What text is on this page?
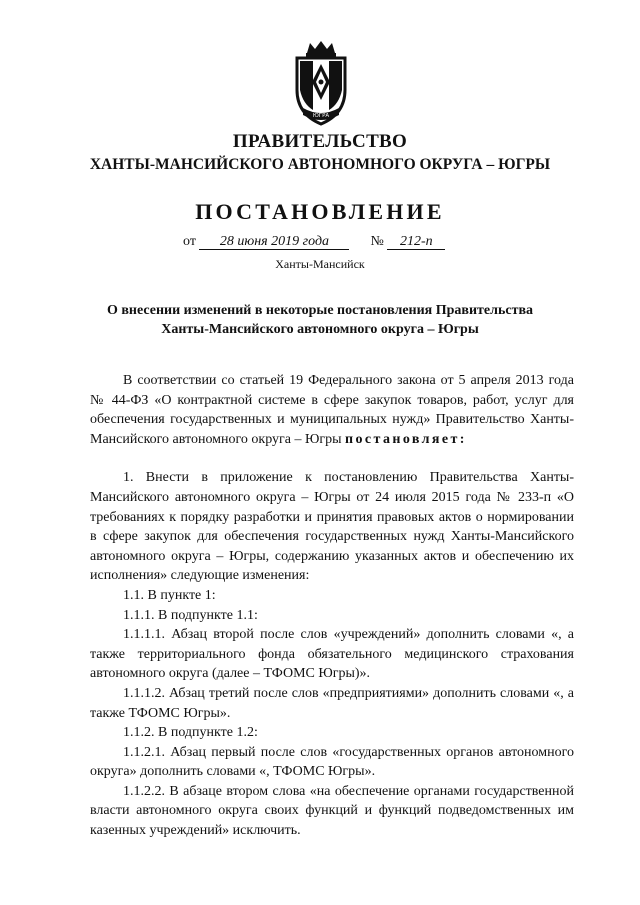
ЮГРА
ПРАВИТЕЛЬСТВО
ХАНТЫ-МАНСИЙСКОГО АВТОНОМНОГО ОКРУГА – ЮГРЫ
ПОСТАНОВЛЕНИЕ
от 28 июня 2019 года	№ 212-п
Ханты-Мансийск
О внесении изменений в некоторые постановления Правительства
Ханты-Мансийского автономного округа – Югры

В соответствии со статьей 19 Федерального закона от 5 апреля 2013 года № 44-ФЗ «О контрактной системе в сфере закупок товаров, работ, услуг для обеспечения государственных и муниципальных нужд» Правительство Ханты-Мансийского автономного округа – Югры постановляет:

1. Внести в приложение к постановлению Правительства Ханты-Мансийского автономного округа – Югры от 24 июля 2015 года № 233-п «О требованиях к порядку разработки и принятия правовых актов о нормировании в сфере закупок для обеспечения государственных нужд Ханты-Мансийского автономного округа – Югры, содержанию указанных актов и обеспечению их исполнения» следующие изменения:

1.1. В пункте 1:

1.1.1. В подпункте 1.1:

1.1.1.1. Абзац второй после слов «учреждений» дополнить словами «, а также территориального фонда обязательного медицинского страхования автономного округа (далее – ТФОМС Югры)».

1.1.1.2. Абзац третий после слов «предприятиями» дополнить словами «, а также ТФОМС Югры».

1.1.2. В подпункте 1.2:

1.1.2.1. Абзац первый после слов «государственных органов автономного округа» дополнить словами «, ТФОМС Югры».

1.1.2.2. В абзаце втором слова «на обеспечение органами государственной власти автономного округа своих функций и функций подведомственных им казенных учреждений» исключить.
